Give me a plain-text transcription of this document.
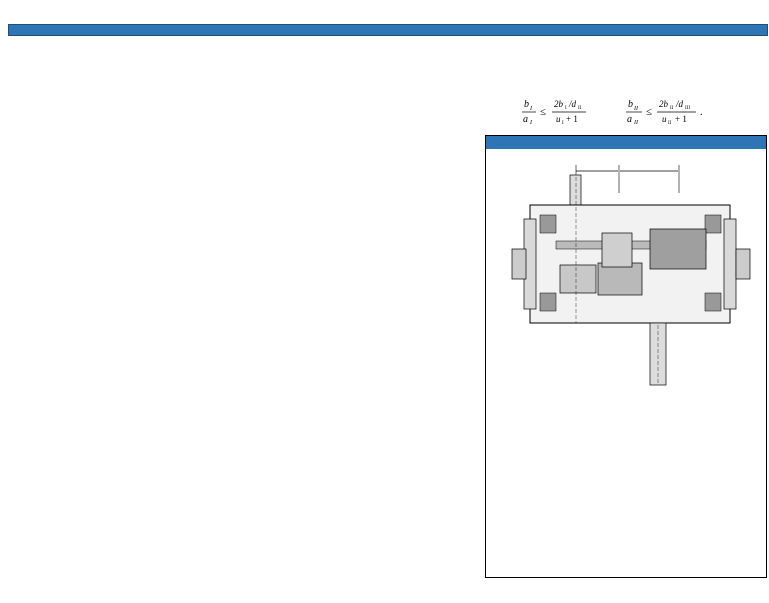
b I
a I
≤
2b I /d II
u I + 1
b II
a II
≤
2b II /d III
u II + 1
.
